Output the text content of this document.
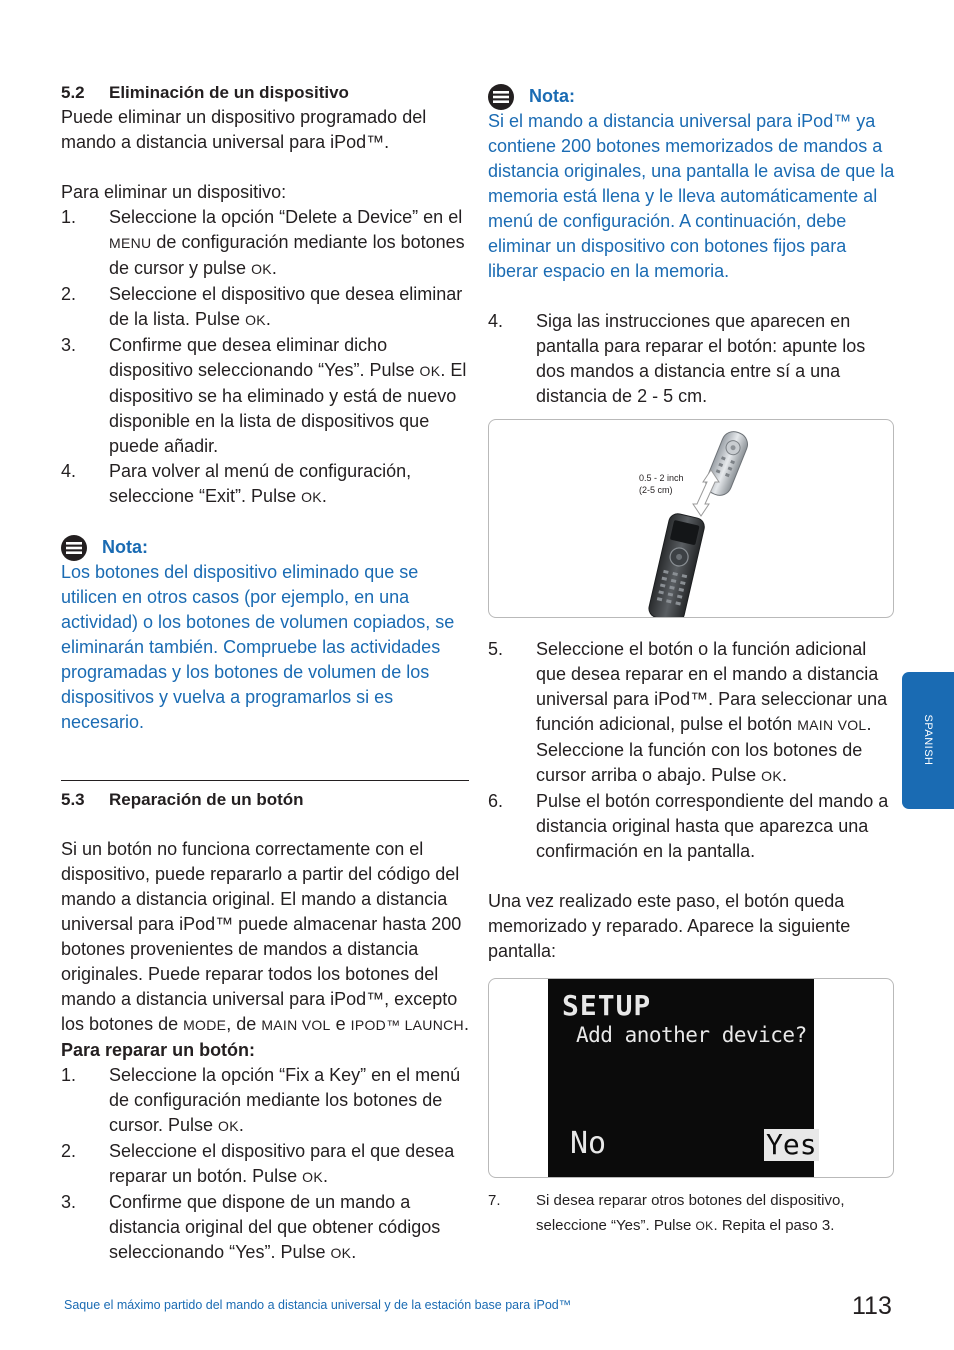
5.2 Eliminación de un dispositivo

Puede eliminar un dispositivo programado del mando a distancia universal para iPod™.

Para eliminar un dispositivo:

1. Seleccione la opción “Delete a Device” en el MENU de configuración mediante los botones de cursor y pulse OK.
2. Seleccione el dispositivo que desea eliminar de la lista. Pulse OK.
3. Confirme que desea eliminar dicho dispositivo seleccionando “Yes”. Pulse OK. El dispositivo se ha eliminado y está de nuevo disponible en la lista de dispositivos que puede añadir.
4. Para volver al menú de configuración, seleccione “Exit”. Pulse OK.
Nota:

Los botones del dispositivo eliminado que se utilicen en otros casos (por ejemplo, en una actividad) o los botones de volumen copiados, se eliminarán también. Compruebe las actividades programadas y los botones de volumen de los dispositivos y vuelva a programarlos si es necesario.

5.3 Reparación de un botón

Si un botón no funciona correctamente con el dispositivo, puede repararlo a partir del código del mando a distancia original. El mando a distancia universal para iPod™ puede almacenar hasta 200 botones provenientes de mandos a distancia originales. Puede reparar todos los botones del mando a distancia universal para iPod™, excepto los botones de MODE, de MAIN VOL e IPOD™ LAUNCH.

Para reparar un botón:

1. Seleccione la opción “Fix a Key” en el menú de configuración mediante los botones de cursor. Pulse OK.
2. Seleccione el dispositivo para el que desea reparar un botón. Pulse OK.
3. Confirme que dispone de un mando a distancia original del que obtener códigos seleccionando “Yes”. Pulse OK.
Nota:

Si el mando a distancia universal para iPod™ ya contiene 200 botones memorizados de mandos a distancia originales, una pantalla le avisa de que la memoria está llena y le lleva automáticamente al menú de configuración. A continuación, debe eliminar un dispositivo con botones fijos para liberar espacio en la memoria.

4. Siga las instrucciones que aparecen en pantalla para reparar el botón: apunte los dos mandos a distancia entre sí a una distancia de 2 - 5 cm.
0.5 - 2 inch
(2-5 cm)
5. Seleccione el botón o la función adicional que desea reparar en el mando a distancia universal para iPod™. Para seleccionar una función adicional, pulse el botón MAIN VOL. Seleccione la función con los botones de cursor arriba o abajo. Pulse OK.
6. Pulse el botón correspondiente del mando a distancia original hasta que aparezca una confirmación en la pantalla.

Una vez realizado este paso, el botón queda memorizado y reparado. Aparece la siguiente pantalla:

SETUP
Add another device?
No	Yes
7. Si desea reparar otros botones del dispositivo, seleccione “Yes”. Pulse OK. Repita el paso 3.
SPANISH
Saque el máximo partido del mando a distancia universal y de la estación base para iPod™	113
